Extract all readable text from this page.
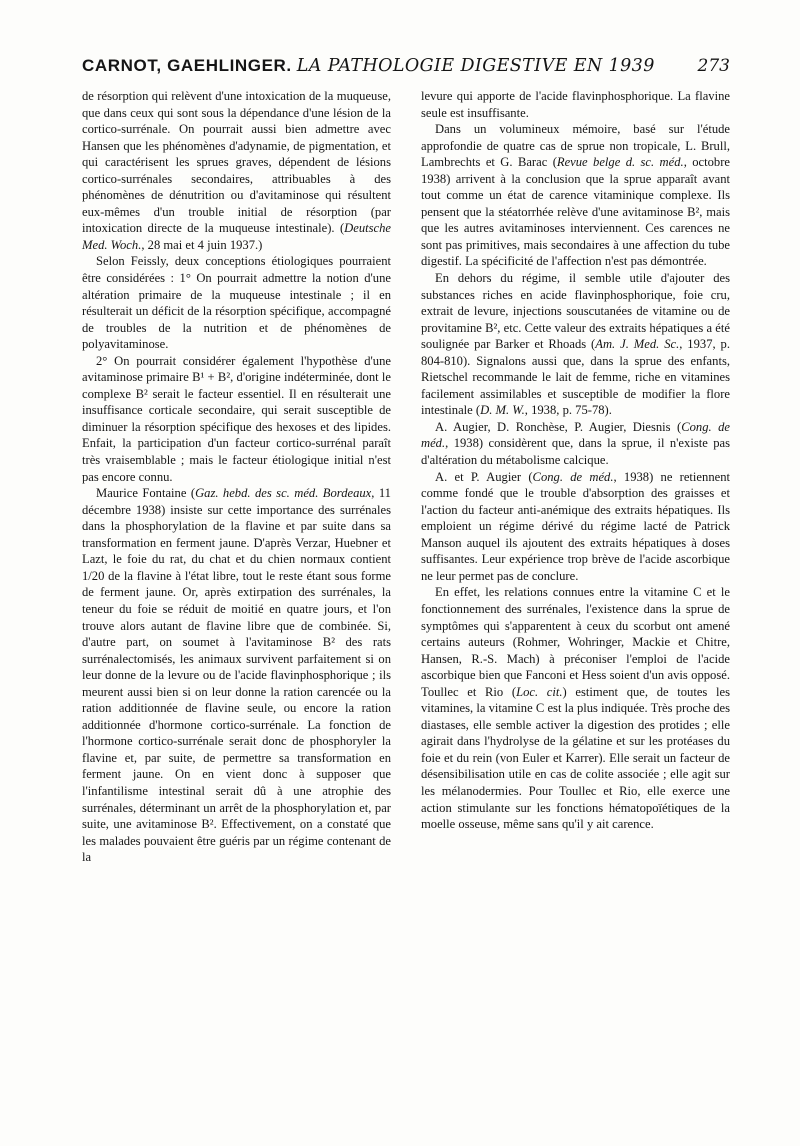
CARNOT, GAEHLINGER. LA PATHOLOGIE DIGESTIVE EN 1939	273

de résorption qui relèvent d'une intoxication de la muqueuse, que dans ceux qui sont sous la dépendance d'une lésion de la cortico-surrénale. On pourrait aussi bien admettre avec Hansen que les phénomènes d'adynamie, de pigmentation, et qui caractérisent les sprues graves, dépendent de lésions cortico-surrénales secondaires, attribuables à des phénomènes de dénutrition ou d'avitaminose qui résultent eux-mêmes d'un trouble initial de résorption (par intoxication directe de la muqueuse intestinale). (Deutsche Med. Woch., 28 mai et 4 juin 1937.)

Selon Feissly, deux conceptions étiologiques pourraient être considérées : 1° On pourrait admettre la notion d'une altération primaire de la muqueuse intestinale ; il en résulterait un déficit de la résorption spécifique, accompagné de troubles de la nutrition et de phénomènes de polyavitaminose.

2° On pourrait considérer également l'hypothèse d'une avitaminose primaire B¹ + B², d'origine indéterminée, dont le complexe B² serait le facteur essentiel. Il en résulterait une insuffisance corticale secondaire, qui serait susceptible de diminuer la résorption spécifique des hexoses et des lipides. Enfait, la participation d'un facteur cortico-surrénal paraît très vraisemblable ; mais le facteur étiologique initial n'est pas encore connu.

Maurice Fontaine (Gaz. hebd. des sc. méd. Bordeaux, 11 décembre 1938) insiste sur cette importance des surrénales dans la phosphorylation de la flavine et par suite dans sa transformation en ferment jaune. D'après Verzar, Huebner et Lazt, le foie du rat, du chat et du chien normaux contient 1/20 de la flavine à l'état libre, tout le reste étant sous forme de ferment jaune. Or, après extirpation des surrénales, la teneur du foie se réduit de moitié en quatre jours, et l'on trouve alors autant de flavine libre que de combinée. Si, d'autre part, on soumet à l'avitaminose B² des rats surrénalectomisés, les animaux survivent parfaitement si on leur donne de la levure ou de l'acide flavinphosphorique ; ils meurent aussi bien si on leur donne la ration carencée ou la ration additionnée de flavine seule, ou encore la ration additionnée d'hormone cortico-surrénale. La fonction de l'hormone cortico-surrénale serait donc de phosphoryler la flavine et, par suite, de permettre sa transformation en ferment jaune. On en vient donc à supposer que l'infantilisme intestinal serait dû à une atrophie des surrénales, déterminant un arrêt de la phosphorylation et, par suite, une avitaminose B². Effectivement, on a constaté que les malades pouvaient être guéris par un régime contenant de la

levure qui apporte de l'acide flavinphosphorique. La flavine seule est insuffisante.

Dans un volumineux mémoire, basé sur l'étude approfondie de quatre cas de sprue non tropicale, L. Brull, Lambrechts et G. Barac (Revue belge d. sc. méd., octobre 1938) arrivent à la conclusion que la sprue apparaît avant tout comme un état de carence vitaminique complexe. Ils pensent que la stéatorrhée relève d'une avitaminose B², mais que les autres avitaminoses interviennent. Ces carences ne sont pas primitives, mais secondaires à une affection du tube digestif. La spécificité de l'affection n'est pas démontrée.

En dehors du régime, il semble utile d'ajouter des substances riches en acide flavinphosphorique, foie cru, extrait de levure, injections souscutanées de vitamine ou de provitamine B², etc. Cette valeur des extraits hépatiques a été soulignée par Barker et Rhoads (Am. J. Med. Sc., 1937, p. 804-810). Signalons aussi que, dans la sprue des enfants, Rietschel recommande le lait de femme, riche en vitamines facilement assimilables et susceptible de modifier la flore intestinale (D. M. W., 1938, p. 75-78).

A. Augier, D. Ronchèse, P. Augier, Diesnis (Cong. de méd., 1938) considèrent que, dans la sprue, il n'existe pas d'altération du métabolisme calcique.

A. et P. Augier (Cong. de méd., 1938) ne retiennent comme fondé que le trouble d'absorption des graisses et l'action du facteur anti-anémique des extraits hépatiques. Ils emploient un régime dérivé du régime lacté de Patrick Manson auquel ils ajoutent des extraits hépatiques à doses suffisantes. Leur expérience trop brève de l'acide ascorbique ne leur permet pas de conclure.

En effet, les relations connues entre la vitamine C et le fonctionnement des surrénales, l'existence dans la sprue de symptômes qui s'apparentent à ceux du scorbut ont amené certains auteurs (Rohmer, Wohringer, Mackie et Chitre, Hansen, R.-S. Mach) à préconiser l'emploi de l'acide ascorbique bien que Fanconi et Hess soient d'un avis opposé. Toullec et Rio (Loc. cit.) estiment que, de toutes les vitamines, la vitamine C est la plus indiquée. Très proche des diastases, elle semble activer la digestion des protides ; elle agirait dans l'hydrolyse de la gélatine et sur les protéases du foie et du rein (von Euler et Karrer). Elle serait un facteur de désensibilisation utile en cas de colite associée ; elle agit sur les mélanodermies. Pour Toullec et Rio, elle exerce une action stimulante sur les fonctions hématopoïétiques de la moelle osseuse, même sans qu'il y ait carence.
